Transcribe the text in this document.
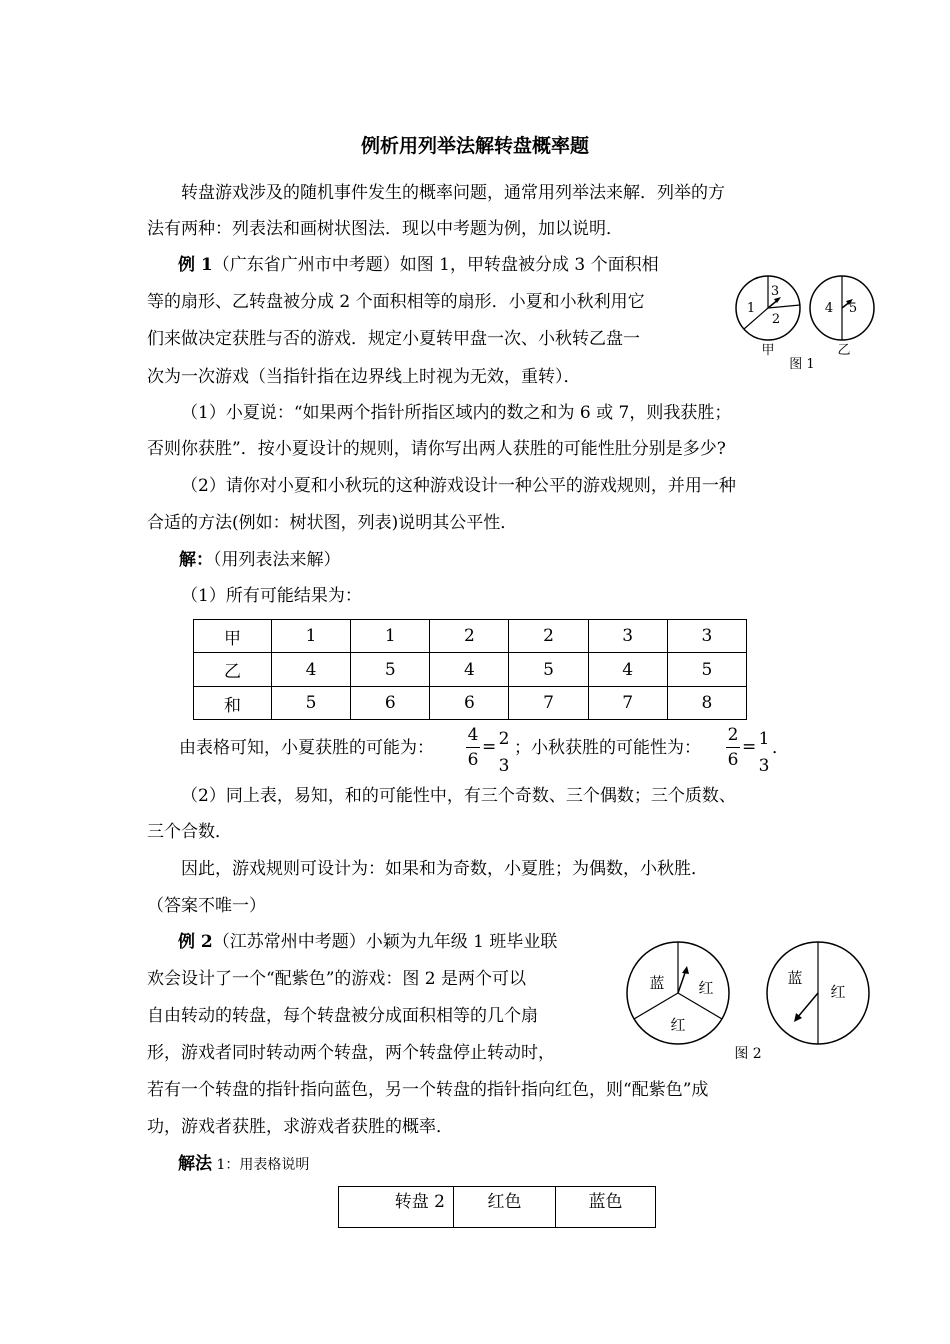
例析用列举法解转盘概率题
转盘游戏涉及的随机事件发生的概率问题，通常用列举法来解．列举的方
法有两种：列表法和画树状图法．现以中考题为例，加以说明．
例 1（广东省广州市中考题）如图 1，甲转盘被分成 3 个面积相
等的扇形、乙转盘被分成 2 个面积相等的扇形．小夏和小秋利用它
们来做决定获胜与否的游戏．规定小夏转甲盘一次、小秋转乙盘一
次为一次游戏（当指针指在边界线上时视为无效，重转）．
1
3
2
甲
4 5
乙
图 1
（1）小夏说：“如果两个指针所指区域内的数之和为 6 或 7，则我获胜；
否则你获胜”．按小夏设计的规则，请你写出两人获胜的可能性肚分别是多少?
（2）请你对小夏和小秋玩的这种游戏设计一种公平的游戏规则，并用一种
合适的方法(例如：树状图，列表)说明其公平性．
解：（用列表法来解）
（1）所有可能结果为：
甲	1	1	2	2	3	3
乙	4	5	4	5	4	5
和	5	6	6	7	7	8
由表格可知，小夏获胜的可能为：
4
6
= 2
3
；小秋获胜的可能性为：
2
6
= 1
3
．
（2）同上表，易知，和的可能性中，有三个奇数、三个偶数；三个质数、
三个合数．
因此，游戏规则可设计为：如果和为奇数，小夏胜；为偶数，小秋胜．
（答案不唯一）
例 2（江苏常州中考题）小颖为九年级 1 班毕业联
欢会设计了一个“配紫色”的游戏：图 2 是两个可以
自由转动的转盘，每个转盘被分成面积相等的几个扇
形，游戏者同时转动两个转盘，两个转盘停止转动时，
若有一个转盘的指针指向蓝色，另一个转盘的指针指向红色，则“配紫色”成
功，游戏者获胜，求游戏者获胜的概率．
蓝 红
红
蓝
红
图 2
解法 1：用表格说明
转盘 2	红色	蓝色
